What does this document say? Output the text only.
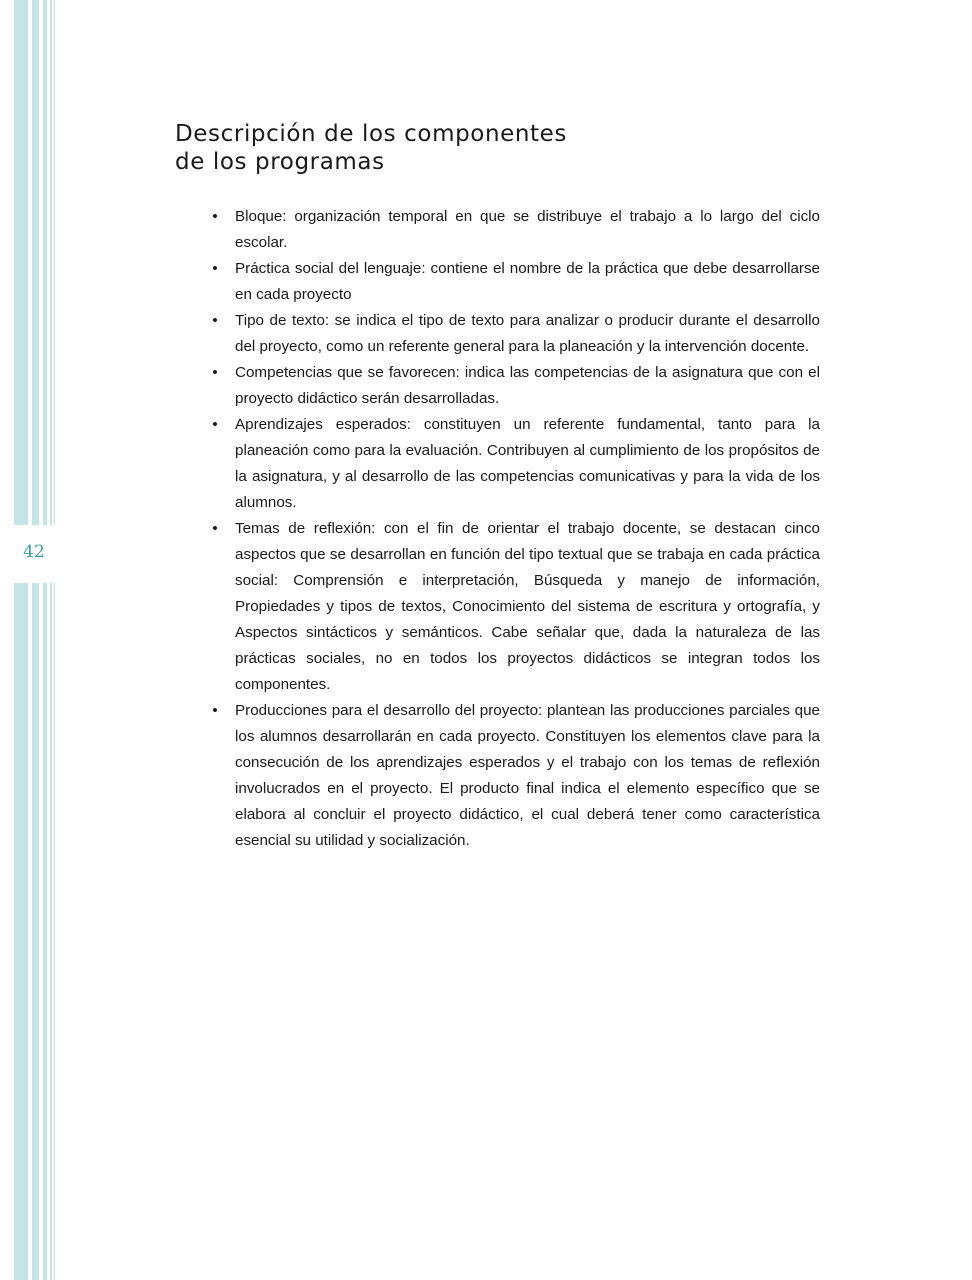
42
Descripción de los componentes
de los programas
• Bloque: organización temporal en que se distribuye el trabajo a lo largo del ciclo escolar.
• Práctica social del lenguaje: contiene el nombre de la práctica que debe desarrollarse en cada proyecto
• Tipo de texto: se indica el tipo de texto para analizar o producir durante el desarrollo del proyecto, como un referente general para la planeación y la intervención docente.
• Competencias que se favorecen: indica las competencias de la asignatura que con el proyecto didáctico serán desarrolladas.
• Aprendizajes esperados: constituyen un referente fundamental, tanto para la planeación como para la evaluación. Contribuyen al cumplimiento de los propósitos de la asignatura, y al desarrollo de las competencias comunicativas y para la vida de los alumnos.
• Temas de reflexión: con el fin de orientar el trabajo docente, se destacan cinco aspectos que se desarrollan en función del tipo textual que se trabaja en cada práctica social: Comprensión e interpretación, Búsqueda y manejo de información, Propiedades y tipos de textos, Conocimiento del sistema de escritura y ortografía, y Aspectos sintácticos y semánticos. Cabe señalar que, dada la naturaleza de las prácticas sociales, no en todos los proyectos didácticos se integran todos los componentes.
• Producciones para el desarrollo del proyecto: plantean las producciones parciales que los alumnos desarrollarán en cada proyecto. Constituyen los elementos clave para la consecución de los aprendizajes esperados y el trabajo con los temas de reflexión involucrados en el proyecto. El producto final indica el elemento específico que se elabora al concluir el proyecto didáctico, el cual deberá tener como característica esencial su utilidad y socialización.
